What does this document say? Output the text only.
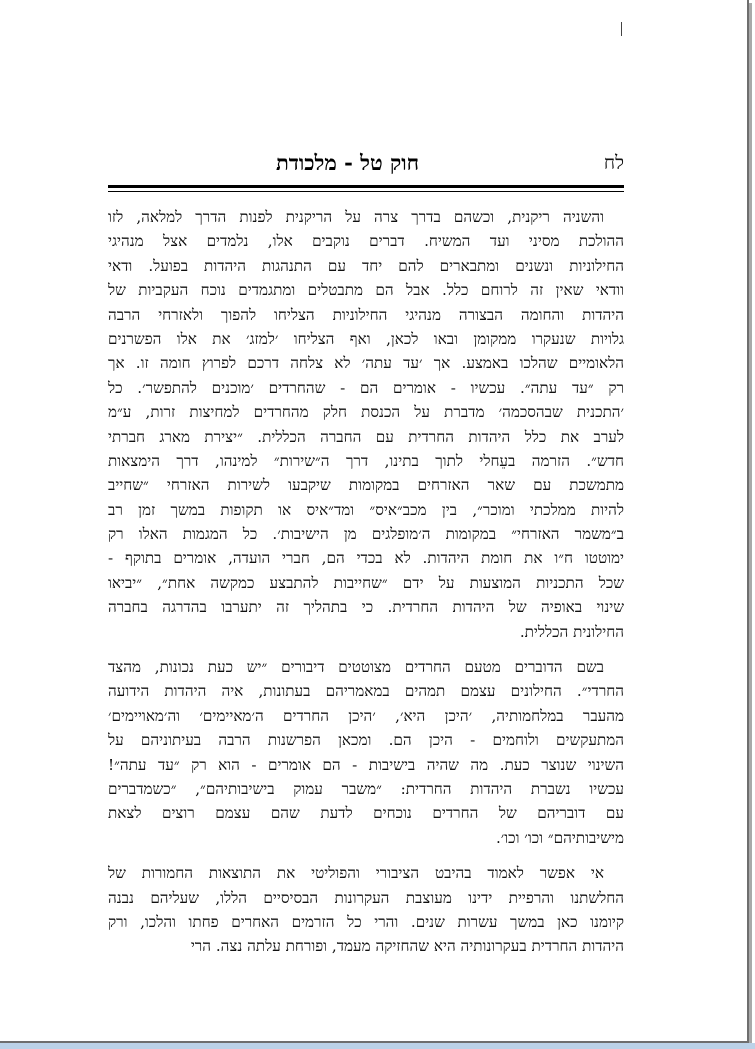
לח
חוק טל - מלכודת
והשניה ריקנית, וכשהם בדרך צרה על הריקנית לפנות הדרך למלאה, לזו
ההולכת מסיני ועד המשיח. דברים נוקבים אלו, נלמדים אצל מנהיגי
החילוניות ונשנים ומתבארים להם יחד עם התנהגות היהדות בפועל. ודאי
וודאי שאין זה לרוחם כלל. אבל הם מתבטלים ומתגמדים נוכח העקביות של
היהדות והחומה הבצורה מנהיגי החילוניות הצליחו להפוך ולאזרחי הרבה
גלויות שנעקרו ממקומן ובאו לכאן, ואף הצליחו ׳למזג׳ את אלו הפשרנים
הלאומיים שהלכו באמצע. אך ׳עד עתה׳ לא צלחה דרכם לפרוץ חומה זו. אך
רק ״עד עתה״. עכשיו - אומרים הם - שהחרדים ׳מוכנים להתפשר׳. כל
׳התכנית שבהסכמה׳ מדברת על הכנסת חלק מהחרדים למחיצות זרות, ע״מ
לערב את כלל היהדות החרדית עם החברה הכללית. ״יצירת מארג חברתי
חדש״. הזרמה בעֵחלי לתוך בתינו, דרך ה״שירות״ למינהו, דרך הימצאות
מתמשכת עם שאר האזרחים במקומות שיקבעו לשירות האזרחי ״שחייב
להיות ממלכתי ומוכר״, בין מכב״איס״ ומד״איס או תקופות במשך זמן רב
ב״משמר האזרחי״ במקומות ה׳מופלגים מן הישיבות׳. כל המגמות האלו רק
ימוטטו ח״ו את חומת היהדות. לא בכדי הם, חברי הועדה, אומרים בתוקף -
שכל התכניות המוצעות על ידם ״שחייבות להתבצע כמקשה אחת״, ״יביאו
שינוי באופיה של היהדות החרדית. כי בתהליך זה יתערבו בהדרגה בחברה
החילונית הכללית.
בשם הדוברים מטעם החרדים מצוטטים דיבורים ״יש כעת נכונות, מהצד
החרדי״. החילונים עצמם תמהים במאמריהם בעתונות, איה היהדות הידועה
מהעבר במלחמותיה, ׳היכן היא׳, ׳היכן החרדים ה׳מאיימים׳ וה׳מאויימים׳
המתעקשים ולוחמים - היכן הם. ומכאן הפרשנות הרבה בעיתוניהם על
השינוי שנוצר כעת. מה שהיה בישיבות - הם אומרים - הוא רק ״עד עתה״!
עכשיו נשברת היהדות החרדית: ״משבר עמוק בישיבותיהם״, ״כשמדברים
עם דובריהם של החרדים נוכחים לדעת שהם עצמם רוצים לצאת
מישיבותיהם״ וכו׳ וכו׳.
אי אפשר לאמוד בהיבט הציבורי והפוליטי את התוצאות החמורות של
החלשתנו והרפיית ידינו מעוצבת העקרונות הבסיסיים הללו, שעליהם נבנה
קיומנו כאן במשך עשרות שנים. והרי כל הזרמים האחרים פחתו והלכו, ורק
היהדות החרדית בעקרונותיה היא שהחזיקה מעמד, ופורחת עלתה נצה. הרי
